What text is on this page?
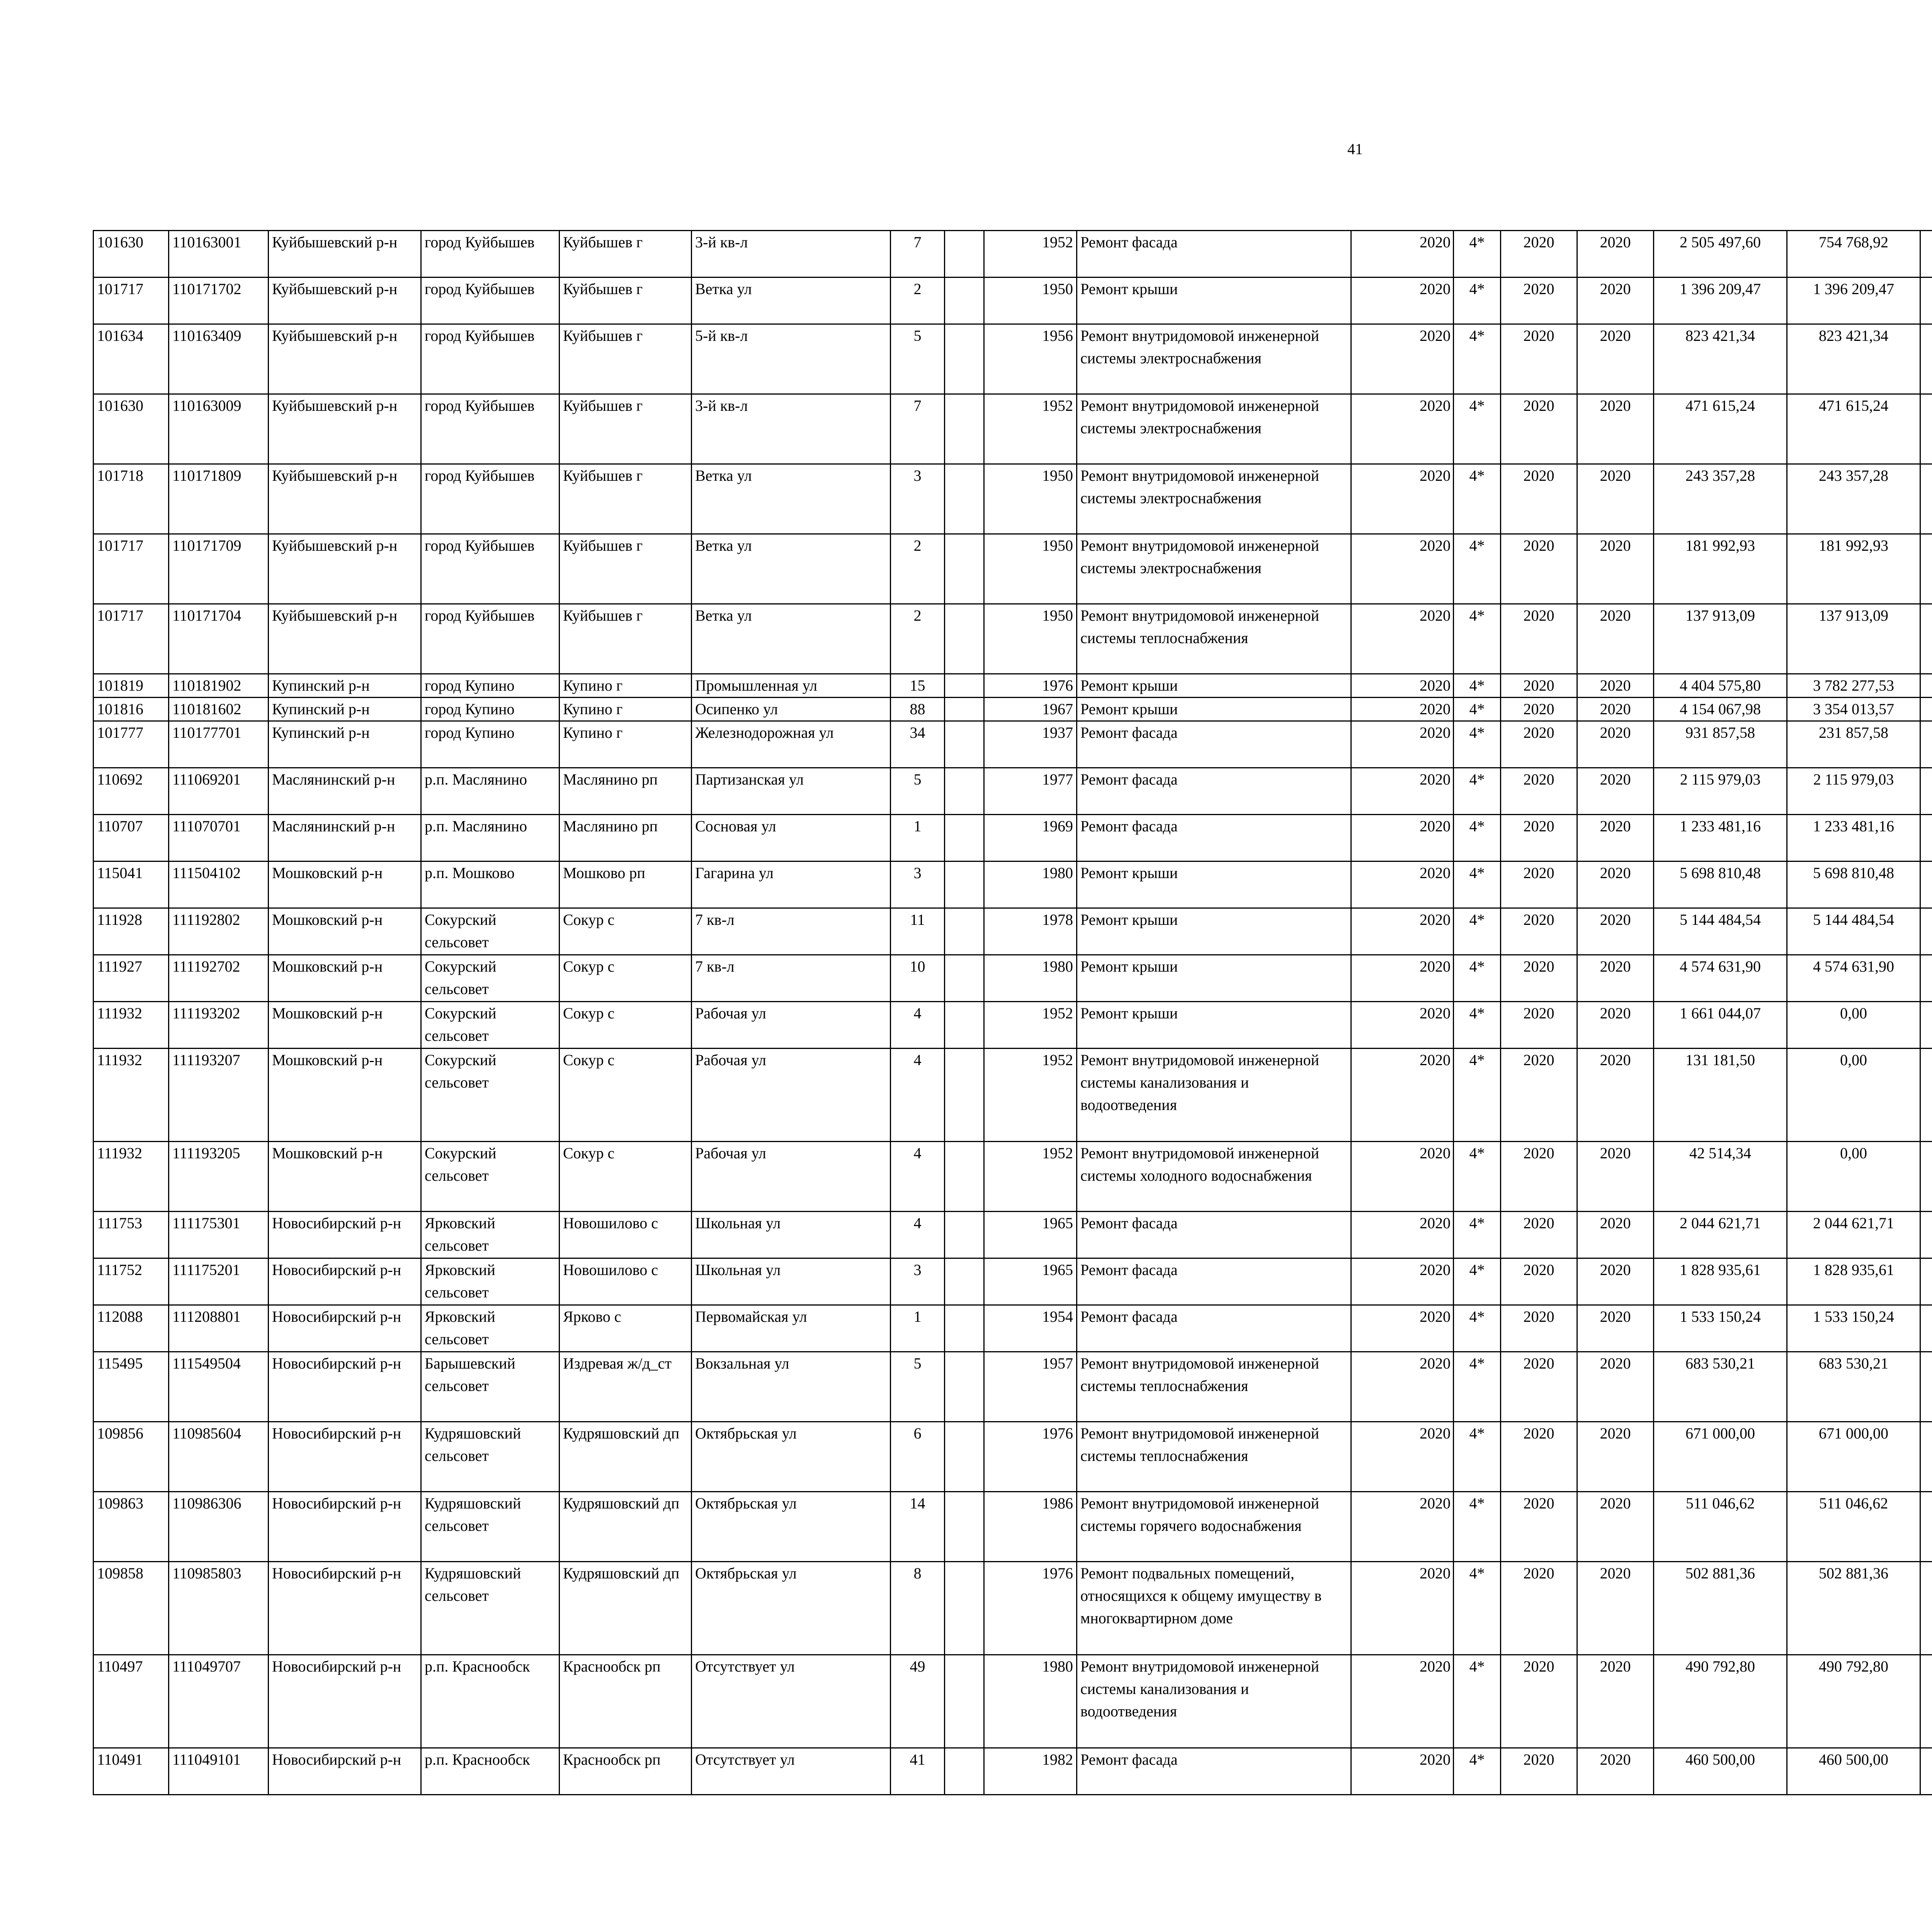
41
101630	110163001	Куйбышевский р-н	город Куйбышев	Куйбышев г	3-й кв-л	7		1952	Ремонт фасада	2020	4*	2020	2020	2 505 497,60	754 768,92						
101717	110171702	Куйбышевский р-н	город Куйбышев	Куйбышев г	Ветка ул	2		1950	Ремонт крыши	2020	4*	2020	2020	1 396 209,47	1 396 209,47						
101634	110163409	Куйбышевский р-н	город Куйбышев	Куйбышев г	5-й кв-л	5		1956	Ремонт внутридомовой инженерной системы электроснабжения	2020	4*	2020	2020	823 421,34	823 421,34						
101630	110163009	Куйбышевский р-н	город Куйбышев	Куйбышев г	3-й кв-л	7		1952	Ремонт внутридомовой инженерной системы электроснабжения	2020	4*	2020	2020	471 615,24	471 615,24						
101718	110171809	Куйбышевский р-н	город Куйбышев	Куйбышев г	Ветка ул	3		1950	Ремонт внутридомовой инженерной системы электроснабжения	2020	4*	2020	2020	243 357,28	243 357,28						
101717	110171709	Куйбышевский р-н	город Куйбышев	Куйбышев г	Ветка ул	2		1950	Ремонт внутридомовой инженерной системы электроснабжения	2020	4*	2020	2020	181 992,93	181 992,93						
101717	110171704	Куйбышевский р-н	город Куйбышев	Куйбышев г	Ветка ул	2		1950	Ремонт внутридомовой инженерной системы теплоснабжения	2020	4*	2020	2020	137 913,09	137 913,09						
101819	110181902	Купинский р-н	город Купино	Купино г	Промышленная ул	15		1976	Ремонт крыши	2020	4*	2020	2020	4 404 575,80	3 782 277,53						
101816	110181602	Купинский р-н	город Купино	Купино г	Осипенко ул	88		1967	Ремонт крыши	2020	4*	2020	2020	4 154 067,98	3 354 013,57						
101777	110177701	Купинский р-н	город Купино	Купино г	Железнодорожная ул	34		1937	Ремонт фасада	2020	4*	2020	2020	931 857,58	231 857,58						
110692	111069201	Маслянинский р-н	р.п. Маслянино	Маслянино рп	Партизанская ул	5		1977	Ремонт фасада	2020	4*	2020	2020	2 115 979,03	2 115 979,03						
110707	111070701	Маслянинский р-н	р.п. Маслянино	Маслянино рп	Сосновая ул	1		1969	Ремонт фасада	2020	4*	2020	2020	1 233 481,16	1 233 481,16						
115041	111504102	Мошковский р-н	р.п. Мошково	Мошково рп	Гагарина ул	3		1980	Ремонт крыши	2020	4*	2020	2020	5 698 810,48	5 698 810,48						
111928	111192802	Мошковский р-н	Сокурский сельсовет	Сокур с	7 кв-л	11		1978	Ремонт крыши	2020	4*	2020	2020	5 144 484,54	5 144 484,54						
111927	111192702	Мошковский р-н	Сокурский сельсовет	Сокур с	7 кв-л	10		1980	Ремонт крыши	2020	4*	2020	2020	4 574 631,90	4 574 631,90						
111932	111193202	Мошковский р-н	Сокурский сельсовет	Сокур с	Рабочая ул	4		1952	Ремонт крыши	2020	4*	2020	2020	1 661 044,07	0,00						
111932	111193207	Мошковский р-н	Сокурский сельсовет	Сокур с	Рабочая ул	4		1952	Ремонт внутридомовой инженерной системы канализования и водоотведения	2020	4*	2020	2020	131 181,50	0,00						
111932	111193205	Мошковский р-н	Сокурский сельсовет	Сокур с	Рабочая ул	4		1952	Ремонт внутридомовой инженерной системы холодного водоснабжения	2020	4*	2020	2020	42 514,34	0,00						
111753	111175301	Новосибирский р-н	Ярковский сельсовет	Новошилово с	Школьная ул	4		1965	Ремонт фасада	2020	4*	2020	2020	2 044 621,71	2 044 621,71						
111752	111175201	Новосибирский р-н	Ярковский сельсовет	Новошилово с	Школьная ул	3		1965	Ремонт фасада	2020	4*	2020	2020	1 828 935,61	1 828 935,61						
112088	111208801	Новосибирский р-н	Ярковский сельсовет	Ярково с	Первомайская ул	1		1954	Ремонт фасада	2020	4*	2020	2020	1 533 150,24	1 533 150,24						
115495	111549504	Новосибирский р-н	Барышевский сельсовет	Издревая ж/д_ст	Вокзальная ул	5		1957	Ремонт внутридомовой инженерной системы теплоснабжения	2020	4*	2020	2020	683 530,21	683 530,21						
109856	110985604	Новосибирский р-н	Кудряшовский сельсовет	Кудряшовский дп	Октябрьская ул	6		1976	Ремонт внутридомовой инженерной системы теплоснабжения	2020	4*	2020	2020	671 000,00	671 000,00						
109863	110986306	Новосибирский р-н	Кудряшовский сельсовет	Кудряшовский дп	Октябрьская ул	14		1986	Ремонт внутридомовой инженерной системы горячего водоснабжения	2020	4*	2020	2020	511 046,62	511 046,62						
109858	110985803	Новосибирский р-н	Кудряшовский сельсовет	Кудряшовский дп	Октябрьская ул	8		1976	Ремонт подвальных помещений, относящихся к общему имуществу в многоквартирном доме	2020	4*	2020	2020	502 881,36	502 881,36						
110497	111049707	Новосибирский р-н	р.п. Краснообск	Краснообск рп	Отсутствует ул	49		1980	Ремонт внутридомовой инженерной системы канализования и водоотведения	2020	4*	2020	2020	490 792,80	490 792,80						
110491	111049101	Новосибирский р-н	р.п. Краснообск	Краснообск рп	Отсутствует ул	41		1982	Ремонт фасада	2020	4*	2020	2020	460 500,00	460 500,00						
